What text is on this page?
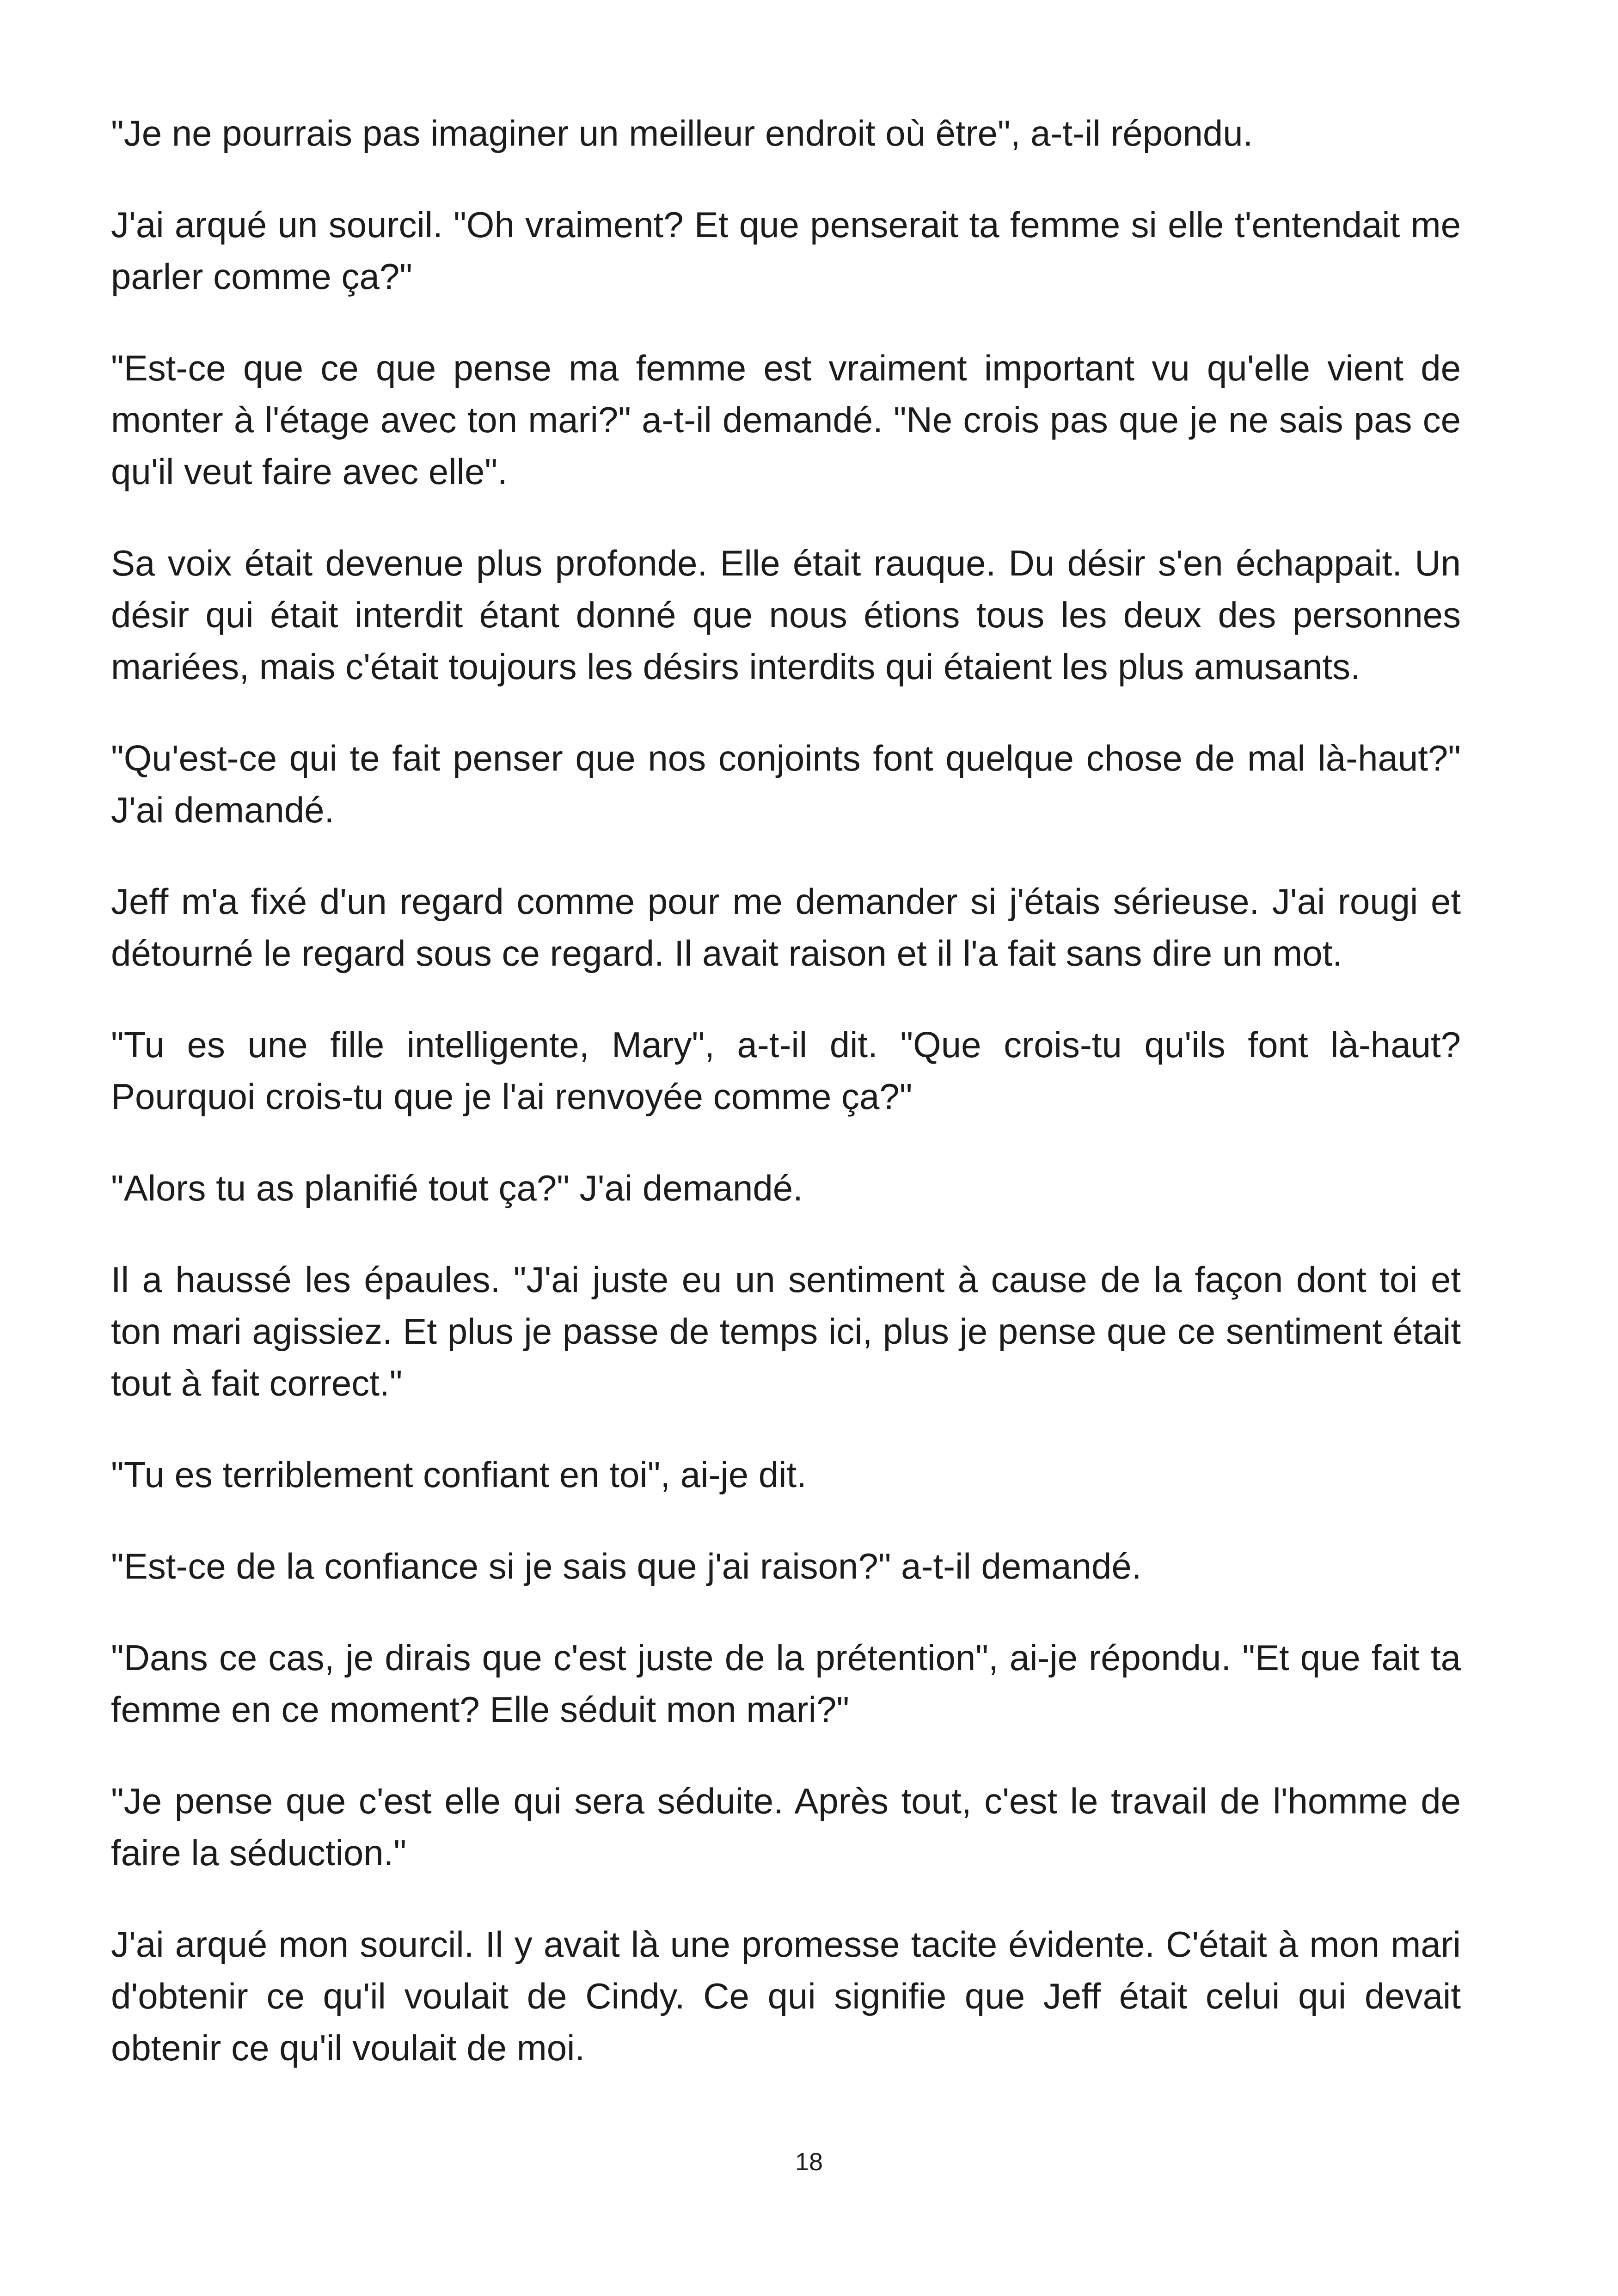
"Je ne pourrais pas imaginer un meilleur endroit où être", a-t-il répondu.

J'ai arqué un sourcil. "Oh vraiment? Et que penserait ta femme si elle t'entendait me parler comme ça?"

"Est-ce que ce que pense ma femme est vraiment important vu qu'elle vient de monter à l'étage avec ton mari?" a-t-il demandé. "Ne crois pas que je ne sais pas ce qu'il veut faire avec elle".

Sa voix était devenue plus profonde. Elle était rauque. Du désir s'en échappait. Un désir qui était interdit étant donné que nous étions tous les deux des personnes mariées, mais c'était toujours les désirs interdits qui étaient les plus amusants.

"Qu'est-ce qui te fait penser que nos conjoints font quelque chose de mal là-haut?" J'ai demandé.

Jeff m'a fixé d'un regard comme pour me demander si j'étais sérieuse. J'ai rougi et détourné le regard sous ce regard. Il avait raison et il l'a fait sans dire un mot.

"Tu es une fille intelligente, Mary", a-t-il dit. "Que crois-tu qu'ils font là-haut? Pourquoi crois-tu que je l'ai renvoyée comme ça?"

"Alors tu as planifié tout ça?" J'ai demandé.

Il a haussé les épaules. "J'ai juste eu un sentiment à cause de la façon dont toi et ton mari agissiez. Et plus je passe de temps ici, plus je pense que ce sentiment était tout à fait correct."

"Tu es terriblement confiant en toi", ai-je dit.

"Est-ce de la confiance si je sais que j'ai raison?" a-t-il demandé.

"Dans ce cas, je dirais que c'est juste de la prétention", ai-je répondu. "Et que fait ta femme en ce moment? Elle séduit mon mari?"

"Je pense que c'est elle qui sera séduite. Après tout, c'est le travail de l'homme de faire la séduction."

J'ai arqué mon sourcil. Il y avait là une promesse tacite évidente. C'était à mon mari d'obtenir ce qu'il voulait de Cindy. Ce qui signifie que Jeff était celui qui devait obtenir ce qu'il voulait de moi.

18
